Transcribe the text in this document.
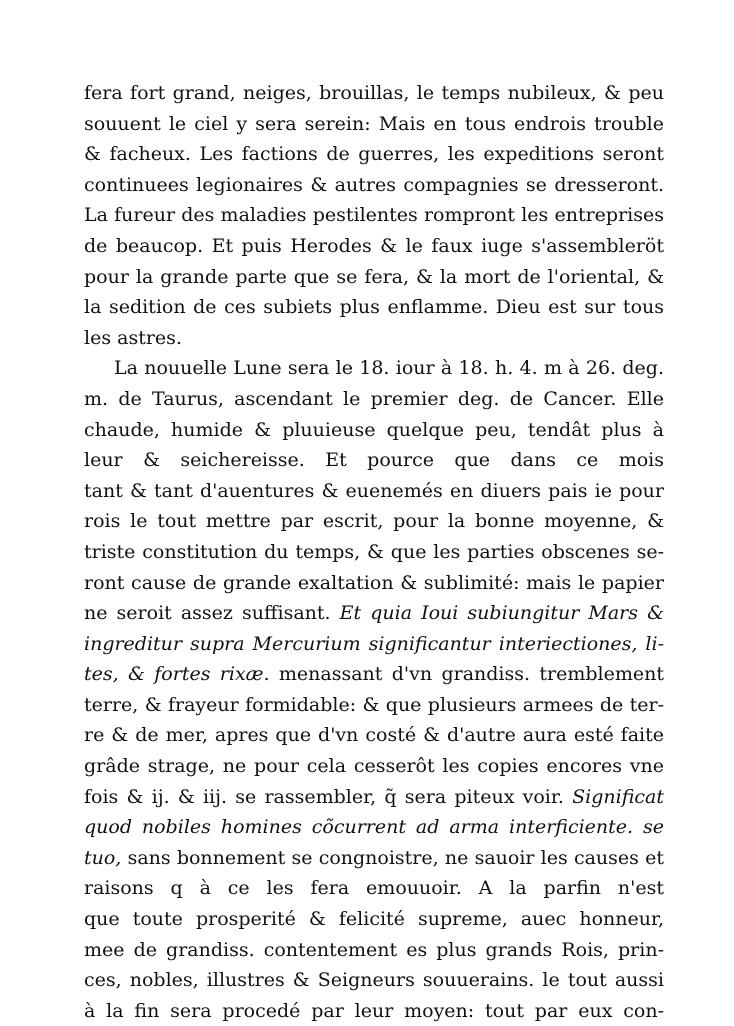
fera fort grand, neiges, brouillas, le temps nubileux, & peu
souuent le ciel y sera serein: Mais en tous endrois trouble
& facheux. Les factions de guerres, les expeditions seront
continuees legionaires & autres compagnies se dresseront.
La fureur des maladies pestilentes rompront les entreprises
de beaucop. Et puis Herodes & le faux iuge s'assembleröt
pour la grande parte que se fera, & la mort de l'oriental, &
la sedition de ces subiets plus enflamme. Dieu est sur tous
les astres.
La nouuelle Lune sera le 18. iour à 18. h. 4. m à 26. deg.
m. de Taurus, ascendant le premier deg. de Cancer. Elle
chaude, humide & pluuieuse quelque peu, tendât plus à
leur & seichereisse. Et pource que dans ce mois
tant & tant d'auentures & euenemés en diuers pais ie pour
rois le tout mettre par escrit, pour la bonne moyenne, &
triste constitution du temps, & que les parties obscenes se-
ront cause de grande exaltation & sublimité: mais le papier
ne seroit assez suffisant. Et quia Ioui subiungitur Mars &
ingreditur supra Mercurium significantur interiectiones, li-
tes, & fortes rixæ. menassant d'vn grandiss. tremblement
terre, & frayeur formidable: & que plusieurs armees de ter-
re & de mer, apres que d'vn costé & d'autre aura esté faite
grâde strage, ne pour cela cesserôt les copies encores vne
fois & ij. & iij. se rassembler, q̃ sera piteux voir. Significat
quod nobiles homines cõcurrent ad arma interficiente. se
tuo, sans bonnement se congnoistre, ne sauoir les causes et
raisons q à ce les fera emouuoir. A la parfin n'est
que toute prosperité & felicité supreme, auec honneur,
mee de grandiss. contentement es plus grands Rois, prin-
ces, nobles, illustres & Seigneurs souuerains. le tout aussi
à la fin sera procedé par leur moyen: tout par eux con-
